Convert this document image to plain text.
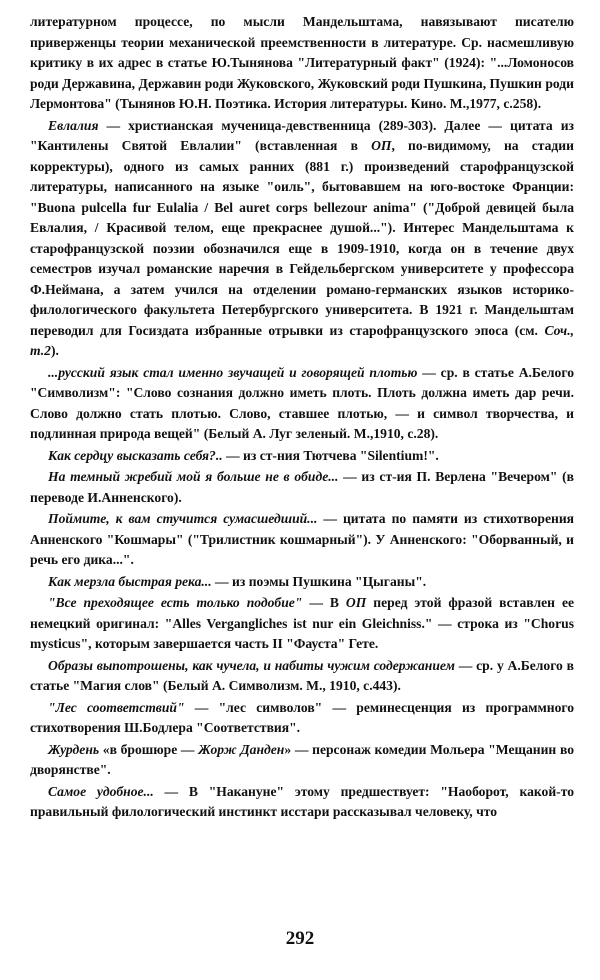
литературном процессе, по мысли Мандельштама, навязывают писателю приверженцы теории механической преемственности в литературе. Ср. насмешливую критику в их адрес в статье Ю.Тынянова "Литературный факт" (1924): "...Ломоносов роди Державина, Державин роди Жуковского, Жуковский роди Пушкина, Пушкин роди Лермонтова" (Тынянов Ю.Н. Поэтика. История литературы. Кино. М.,1977, с.258).

Евлалия — христианская мученица-девственница (289-303). Далее — цитата из "Кантилены Святой Евлалии" (вставленная в ОП, по-видимому, на стадии корректуры), одного из самых ранних (881 г.) произведений старофранцузской литературы, написанного на языке "оиль", бытовавшем на юго-востоке Франции: "Buona pulcella fur Eulalia / Bel auret corps bellezour anima" ("Доброй девицей была Евлалия, / Красивой телом, еще прекраснее душой..."). Интерес Мандельштама к старофранцузской поэзии обозначился еще в 1909-1910, когда он в течение двух семестров изучал романские наречия в Гейдельбергском университете у профессора Ф.Неймана, а затем учился на отделении романо-германских языков историко-филологического факультета Петербургского университета. В 1921 г. Мандельштам переводил для Госиздата избранные отрывки из старофранцузского эпоса (см. Соч., т.2).

...русский язык стал именно звучащей и говорящей плотью — ср. в статье А.Белого "Символизм": "Слово сознания должно иметь плоть. Плоть должна иметь дар речи. Слово должно стать плотью. Слово, ставшее плотью, — и символ творчества, и подлинная природа вещей" (Белый А. Луг зеленый. М.,1910, с.28).

Как сердцу высказать себя?.. — из ст-ния Тютчева "Silentium!".

На темный жребий мой я больше не в обиде... — из ст-ия П. Верлена "Вечером" (в переводе И.Анненского).

Поймите, к вам стучится сумасшедший... — цитата по памяти из стихотворения Анненского "Кошмары" ("Трилистник кошмарный"). У Анненского: "Оборванный, и речь его дика...".

Как мерзла быстрая река... — из поэмы Пушкина "Цыганы".

"Все преходящее есть только подобие" — В ОП перед этой фразой вставлен ее немецкий оригинал: "Alles Vergangliches ist nur ein Gleichniss." — строка из "Chorus mysticus", которым завершается часть II "Фауста" Гете.

Образы выпотрошены, как чучела, и набиты чужим содержанием — ср. у А.Белого в статье "Магия слов" (Белый А. Символизм. М., 1910, с.443).

"Лес соответствий" — "лес символов" — реминесценция из программного стихотворения Ш.Бодлера "Соответствия".

Журдень «в брошюре — Жорж Данден» — персонаж комедии Мольера "Мещанин во дворянстве".

Самое удобное... — В "Накануне" этому предшествует: "Наоборот, какой-то правильный филологический инстинкт исстари рассказывал человеку, что

292
